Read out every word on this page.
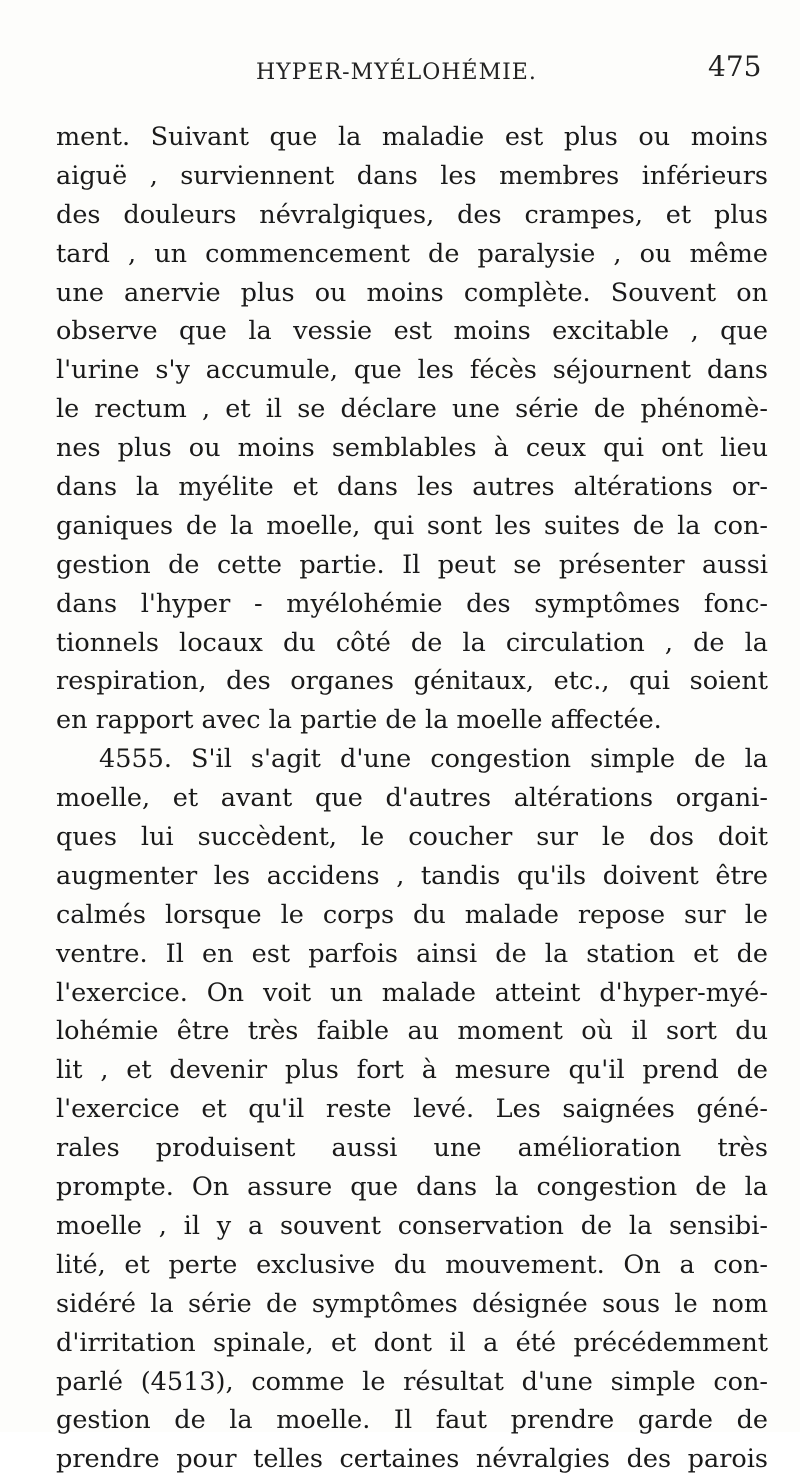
HYPER-MYÉLOHÉMIE.	475
ment. Suivant que la maladie est plus ou moins
aiguë , surviennent dans les membres inférieurs
des douleurs névralgiques, des crampes, et plus
tard , un commencement de paralysie , ou même
une anervie plus ou moins complète. Souvent on
observe que la vessie est moins excitable , que
l'urine s'y accumule, que les fécès séjournent dans
le rectum , et il se déclare une série de phénomè-
nes plus ou moins semblables à ceux qui ont lieu
dans la myélite et dans les autres altérations or-
ganiques de la moelle, qui sont les suites de la con-
gestion de cette partie. Il peut se présenter aussi
dans l'hyper - myélohémie des symptômes fonc-
tionnels locaux du côté de la circulation , de la
respiration, des organes génitaux, etc., qui soient
en rapport avec la partie de la moelle affectée.
4555. S'il s'agit d'une congestion simple de la
moelle, et avant que d'autres altérations organi-
ques lui succèdent, le coucher sur le dos doit
augmenter les accidens , tandis qu'ils doivent être
calmés lorsque le corps du malade repose sur le
ventre. Il en est parfois ainsi de la station et de
l'exercice. On voit un malade atteint d'hyper-myé-
lohémie être très faible au moment où il sort du
lit , et devenir plus fort à mesure qu'il prend de
l'exercice et qu'il reste levé. Les saignées géné-
rales produisent aussi une amélioration très
prompte. On assure que dans la congestion de la
moelle , il y a souvent conservation de la sensibi-
lité, et perte exclusive du mouvement. On a con-
sidéré la série de symptômes désignée sous le nom
d'irritation spinale, et dont il a été précédemment
parlé (4513), comme le résultat d'une simple con-
gestion de la moelle. Il faut prendre garde de
prendre pour telles certaines névralgies des parois
